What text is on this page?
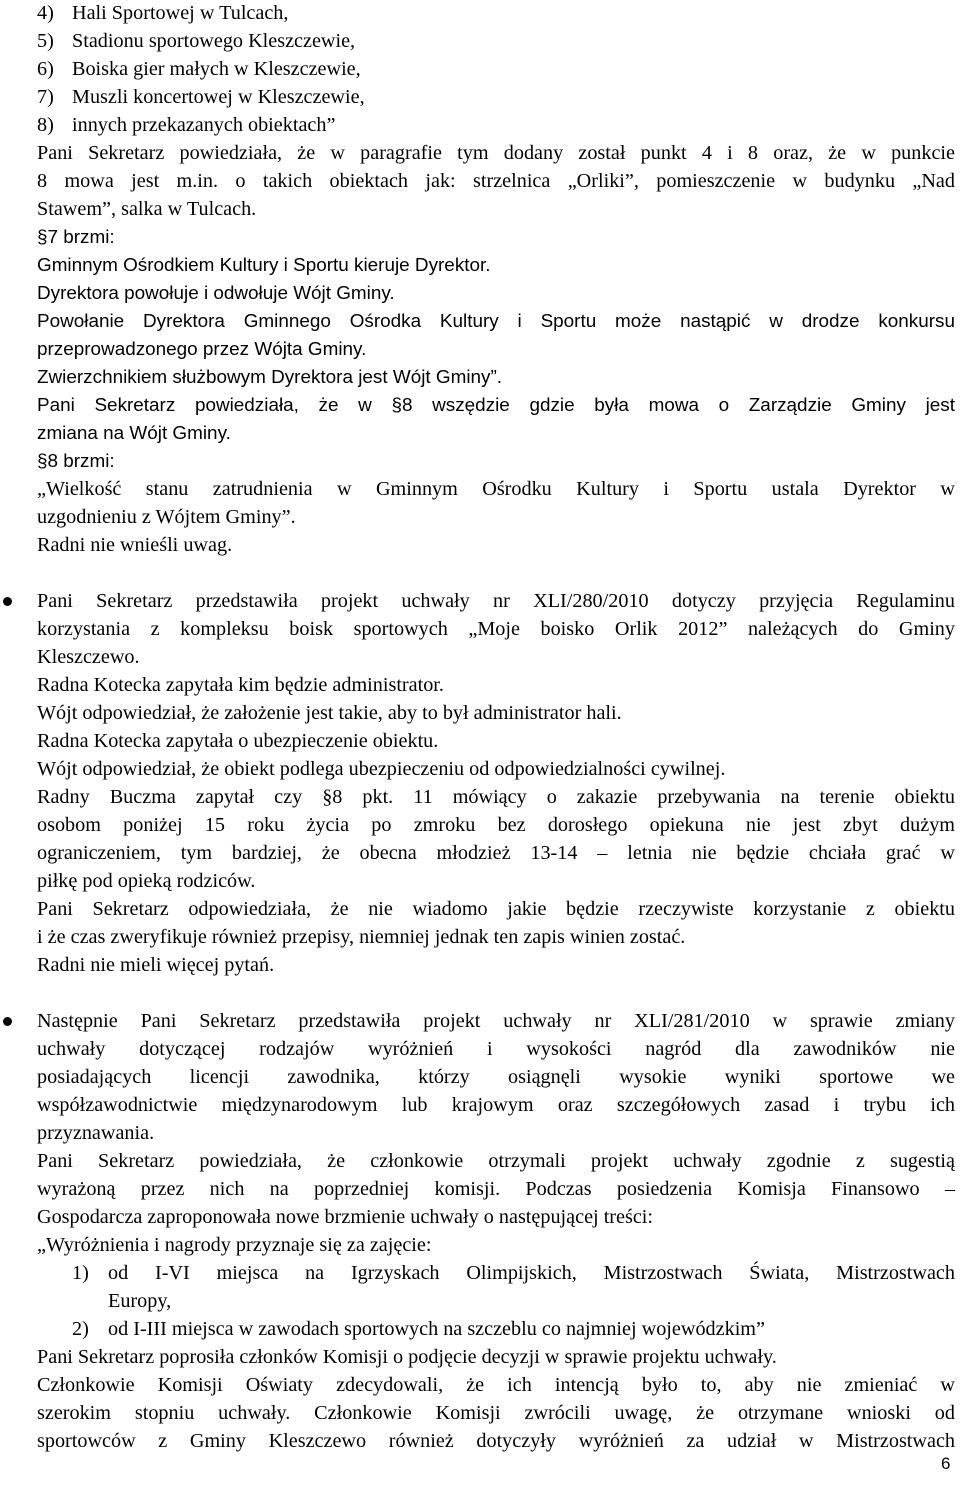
4) Hali Sportowej w Tulcach,
5) Stadionu sportowego Kleszczewie,
6) Boiska gier małych w Kleszczewie,
7) Muszli koncertowej w Kleszczewie,
8) innych przekazanych obiektach”
Pani Sekretarz powiedziała, że w paragrafie tym dodany został punkt 4 i 8 oraz, że w punkcie
8 mowa jest m.in. o takich obiektach jak: strzelnica „Orliki”, pomieszczenie w budynku „Nad
Stawem”, salka w Tulcach.
§7 brzmi:
Gminnym Ośrodkiem Kultury i Sportu kieruje Dyrektor.
Dyrektora powołuje i odwołuje Wójt Gminy.
Powołanie Dyrektora Gminnego Ośrodka Kultury i Sportu może nastąpić w drodze konkursu
przeprowadzonego przez Wójta Gminy.
Zwierzchnikiem służbowym Dyrektora jest Wójt Gminy”.
Pani Sekretarz powiedziała, że w §8 wszędzie gdzie była mowa o Zarządzie Gminy jest
zmiana na Wójt Gminy.
§8 brzmi:
„Wielkość stanu zatrudnienia w Gminnym Ośrodku Kultury i Sportu ustala Dyrektor w
uzgodnieniu z Wójtem Gminy”.
Radni nie wnieśli uwag.
Pani Sekretarz przedstawiła projekt uchwały nr XLI/280/2010 dotyczy przyjęcia Regulaminu
korzystania z kompleksu boisk sportowych „Moje boisko Orlik 2012” należących do Gminy
Kleszczewo.
Radna Kotecka zapytała kim będzie administrator.
Wójt odpowiedział, że założenie jest takie, aby to był administrator hali.
Radna Kotecka zapytała o ubezpieczenie obiektu.
Wójt odpowiedział, że obiekt podlega ubezpieczeniu od odpowiedzialności cywilnej.
Radny Buczma zapytał czy §8 pkt. 11 mówiący o zakazie przebywania na terenie obiektu
osobom poniżej 15 roku życia po zmroku bez dorosłego opiekuna nie jest zbyt dużym
ograniczeniem, tym bardziej, że obecna młodzież 13-14 – letnia nie będzie chciała grać w
piłkę pod opieką rodziców.
Pani Sekretarz odpowiedziała, że nie wiadomo jakie będzie rzeczywiste korzystanie z obiektu
i że czas zweryfikuje również przepisy, niemniej jednak ten zapis winien zostać.
Radni nie mieli więcej pytań.
Następnie Pani Sekretarz przedstawiła projekt uchwały nr XLI/281/2010 w sprawie zmiany
uchwały dotyczącej rodzajów wyróżnień i wysokości nagród dla zawodników nie
posiadających licencji zawodnika, którzy osiągnęli wysokie wyniki sportowe we
współzawodnictwie międzynarodowym lub krajowym oraz szczegółowych zasad i trybu ich
przyznawania.
Pani Sekretarz powiedziała, że członkowie otrzymali projekt uchwały zgodnie z sugestią
wyrażoną przez nich na poprzedniej komisji. Podczas posiedzenia Komisja Finansowo –
Gospodarcza zaproponowała nowe brzmienie uchwały o następującej treści:
„Wyróżnienia i nagrody przyznaje się za zajęcie:
1) od I-VI miejsca na Igrzyskach Olimpijskich, Mistrzostwach Świata, Mistrzostwach
Europy,
2) od I-III miejsca w zawodach sportowych na szczeblu co najmniej wojewódzkim”
Pani Sekretarz poprosiła członków Komisji o podjęcie decyzji w sprawie projektu uchwały.
Członkowie Komisji Oświaty zdecydowali, że ich intencją było to, aby nie zmieniać w
szerokim stopniu uchwały. Członkowie Komisji zwrócili uwagę, że otrzymane wnioski od
sportowców z Gminy Kleszczewo również dotyczyły wyróżnień za udział w Mistrzostwach
6
